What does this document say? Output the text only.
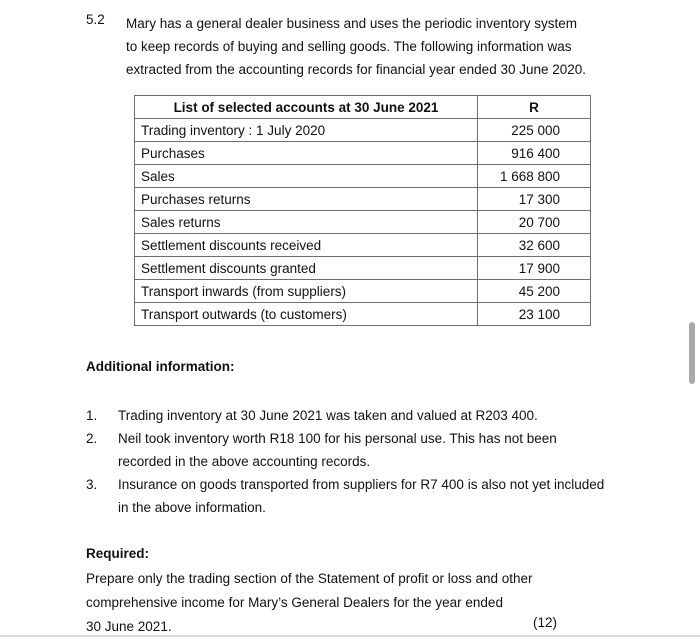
5.2 Mary has a general dealer business and uses the periodic inventory system
to keep records of buying and selling goods. The following information was
extracted from the accounting records for financial year ended 30 June 2020.
List of selected accounts at 30 June 2021	R
Trading inventory : 1 July 2020	225 000
Purchases	916 400
Sales	1 668 800
Purchases returns	17 300
Sales returns	20 700
Settlement discounts received	32 600
Settlement discounts granted	17 900
Transport inwards (from suppliers)	45 200
Transport outwards (to customers)	23 100
Additional information:
1. Trading inventory at 30 June 2021 was taken and valued at R203 400.
2. Neil took inventory worth R18 100 for his personal use. This has not been
recorded in the above accounting records.
3. Insurance on goods transported from suppliers for R7 400 is also not yet included
in the above information.
Required:
Prepare only the trading section of the Statement of profit or loss and other
comprehensive income for Mary’s General Dealers for the year ended
30 June 2021.	(12)
